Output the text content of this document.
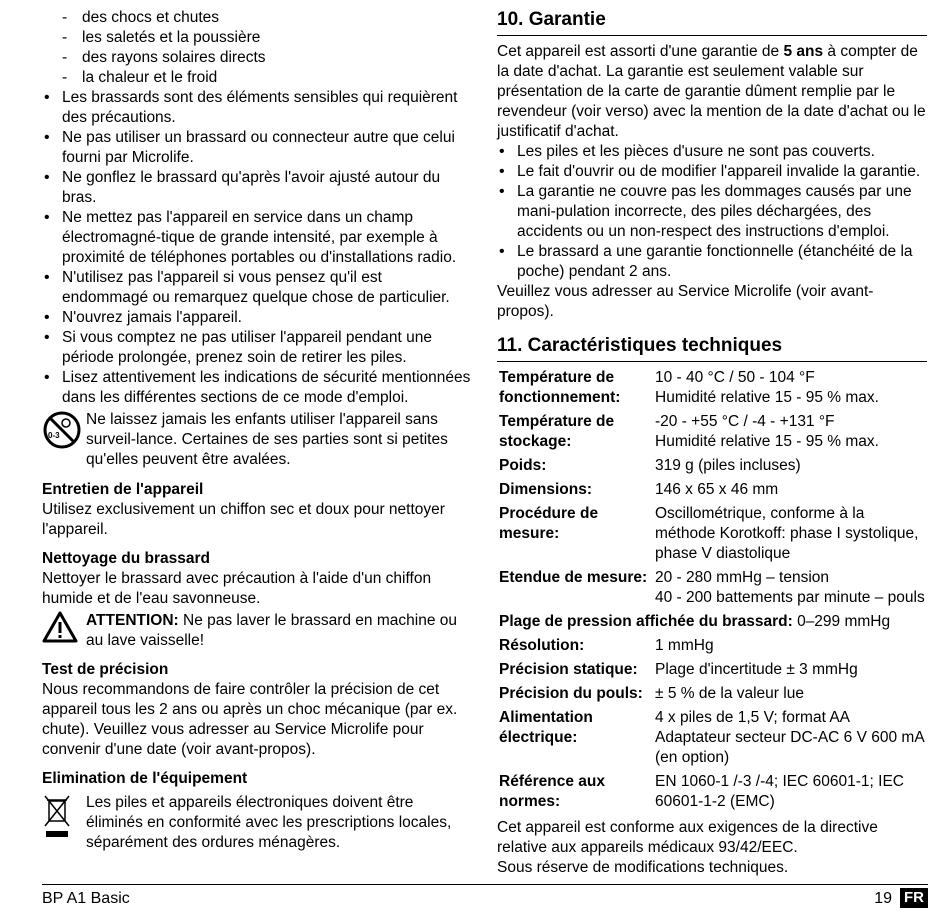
- des chocs et chutes
- les saletés et la poussière
- des rayons solaires directs
- la chaleur et le froid
• Les brassards sont des éléments sensibles qui requièrent des précautions.
• Ne pas utiliser un brassard ou connecteur autre que celui fourni par Microlife.
• Ne gonflez le brassard qu'après l'avoir ajusté autour du bras.
• Ne mettez pas l'appareil en service dans un champ électromagné-tique de grande intensité, par exemple à proximité de téléphones portables ou d'installations radio.
• N'utilisez pas l'appareil si vous pensez qu'il est endommagé ou remarquez quelque chose de particulier.
• N'ouvrez jamais l'appareil.
• Si vous comptez ne pas utiliser l'appareil pendant une période prolongée, prenez soin de retirer les piles.
• Lisez attentivement les indications de sécurité mentionnées dans les différentes sections de ce mode d'emploi.
0-3
Ne laissez jamais les enfants utiliser l'appareil sans surveil-lance. Certaines de ses parties sont si petites qu'elles peuvent être avalées.
Entretien de l'appareil
Utilisez exclusivement un chiffon sec et doux pour nettoyer l'appareil.
Nettoyage du brassard
Nettoyer le brassard avec précaution à l'aide d'un chiffon humide et de l'eau savonneuse.
ATTENTION: Ne pas laver le brassard en machine ou au lave vaisselle!
Test de précision
Nous recommandons de faire contrôler la précision de cet appareil tous les 2 ans ou après un choc mécanique (par ex. chute). Veuillez vous adresser au Service Microlife pour convenir d'une date (voir avant-propos).
Elimination de l'équipement
Les piles et appareils électroniques doivent être éliminés en conformité avec les prescriptions locales, séparément des ordures ménagères.
10. Garantie
Cet appareil est assorti d'une garantie de 5 ans à compter de la date d'achat. La garantie est seulement valable sur présentation de la carte de garantie dûment remplie par le revendeur (voir verso) avec la mention de la date d'achat ou le justificatif d'achat.
• Les piles et les pièces d'usure ne sont pas couverts.
• Le fait d'ouvrir ou de modifier l'appareil invalide la garantie.
• La garantie ne couvre pas les dommages causés par une mani-pulation incorrecte, des piles déchargées, des accidents ou un non-respect des instructions d'emploi.
• Le brassard a une garantie fonctionnelle (étanchéité de la poche) pendant 2 ans.
Veuillez vous adresser au Service Microlife (voir avant-propos).
11. Caractéristiques techniques
Température de fonctionnement:
10 - 40 °C / 50 - 104 °F
Humidité relative 15 - 95 % max.
Température de stockage:
-20 - +55 °C / -4 - +131 °F
Humidité relative 15 - 95 % max.
Poids:	319 g (piles incluses)
Dimensions:	146 x 65 x 46 mm
Procédure de mesure:
Oscillométrique, conforme à la méthode Korotkoff: phase I systolique, phase V diastolique
Etendue de mesure: 20 - 280 mmHg – tension
40 - 200 battements par minute – pouls
Plage de pression affichée du brassard: 0–299 mmHg
Résolution:	1 mmHg
Précision statique:	Plage d'incertitude ± 3 mmHg
Précision du pouls: ± 5 % de la valeur lue
Alimentation électrique:
4 x piles de 1,5 V; format AA
Adaptateur secteur DC-AC 6 V 600 mA (en option)
Référence aux normes:
EN 1060-1 /-3 /-4; IEC 60601-1; IEC 60601-1-2 (EMC)
Cet appareil est conforme aux exigences de la directive relative aux appareils médicaux 93/42/EEC.
Sous réserve de modifications techniques.
BP A1 Basic	19 FR
